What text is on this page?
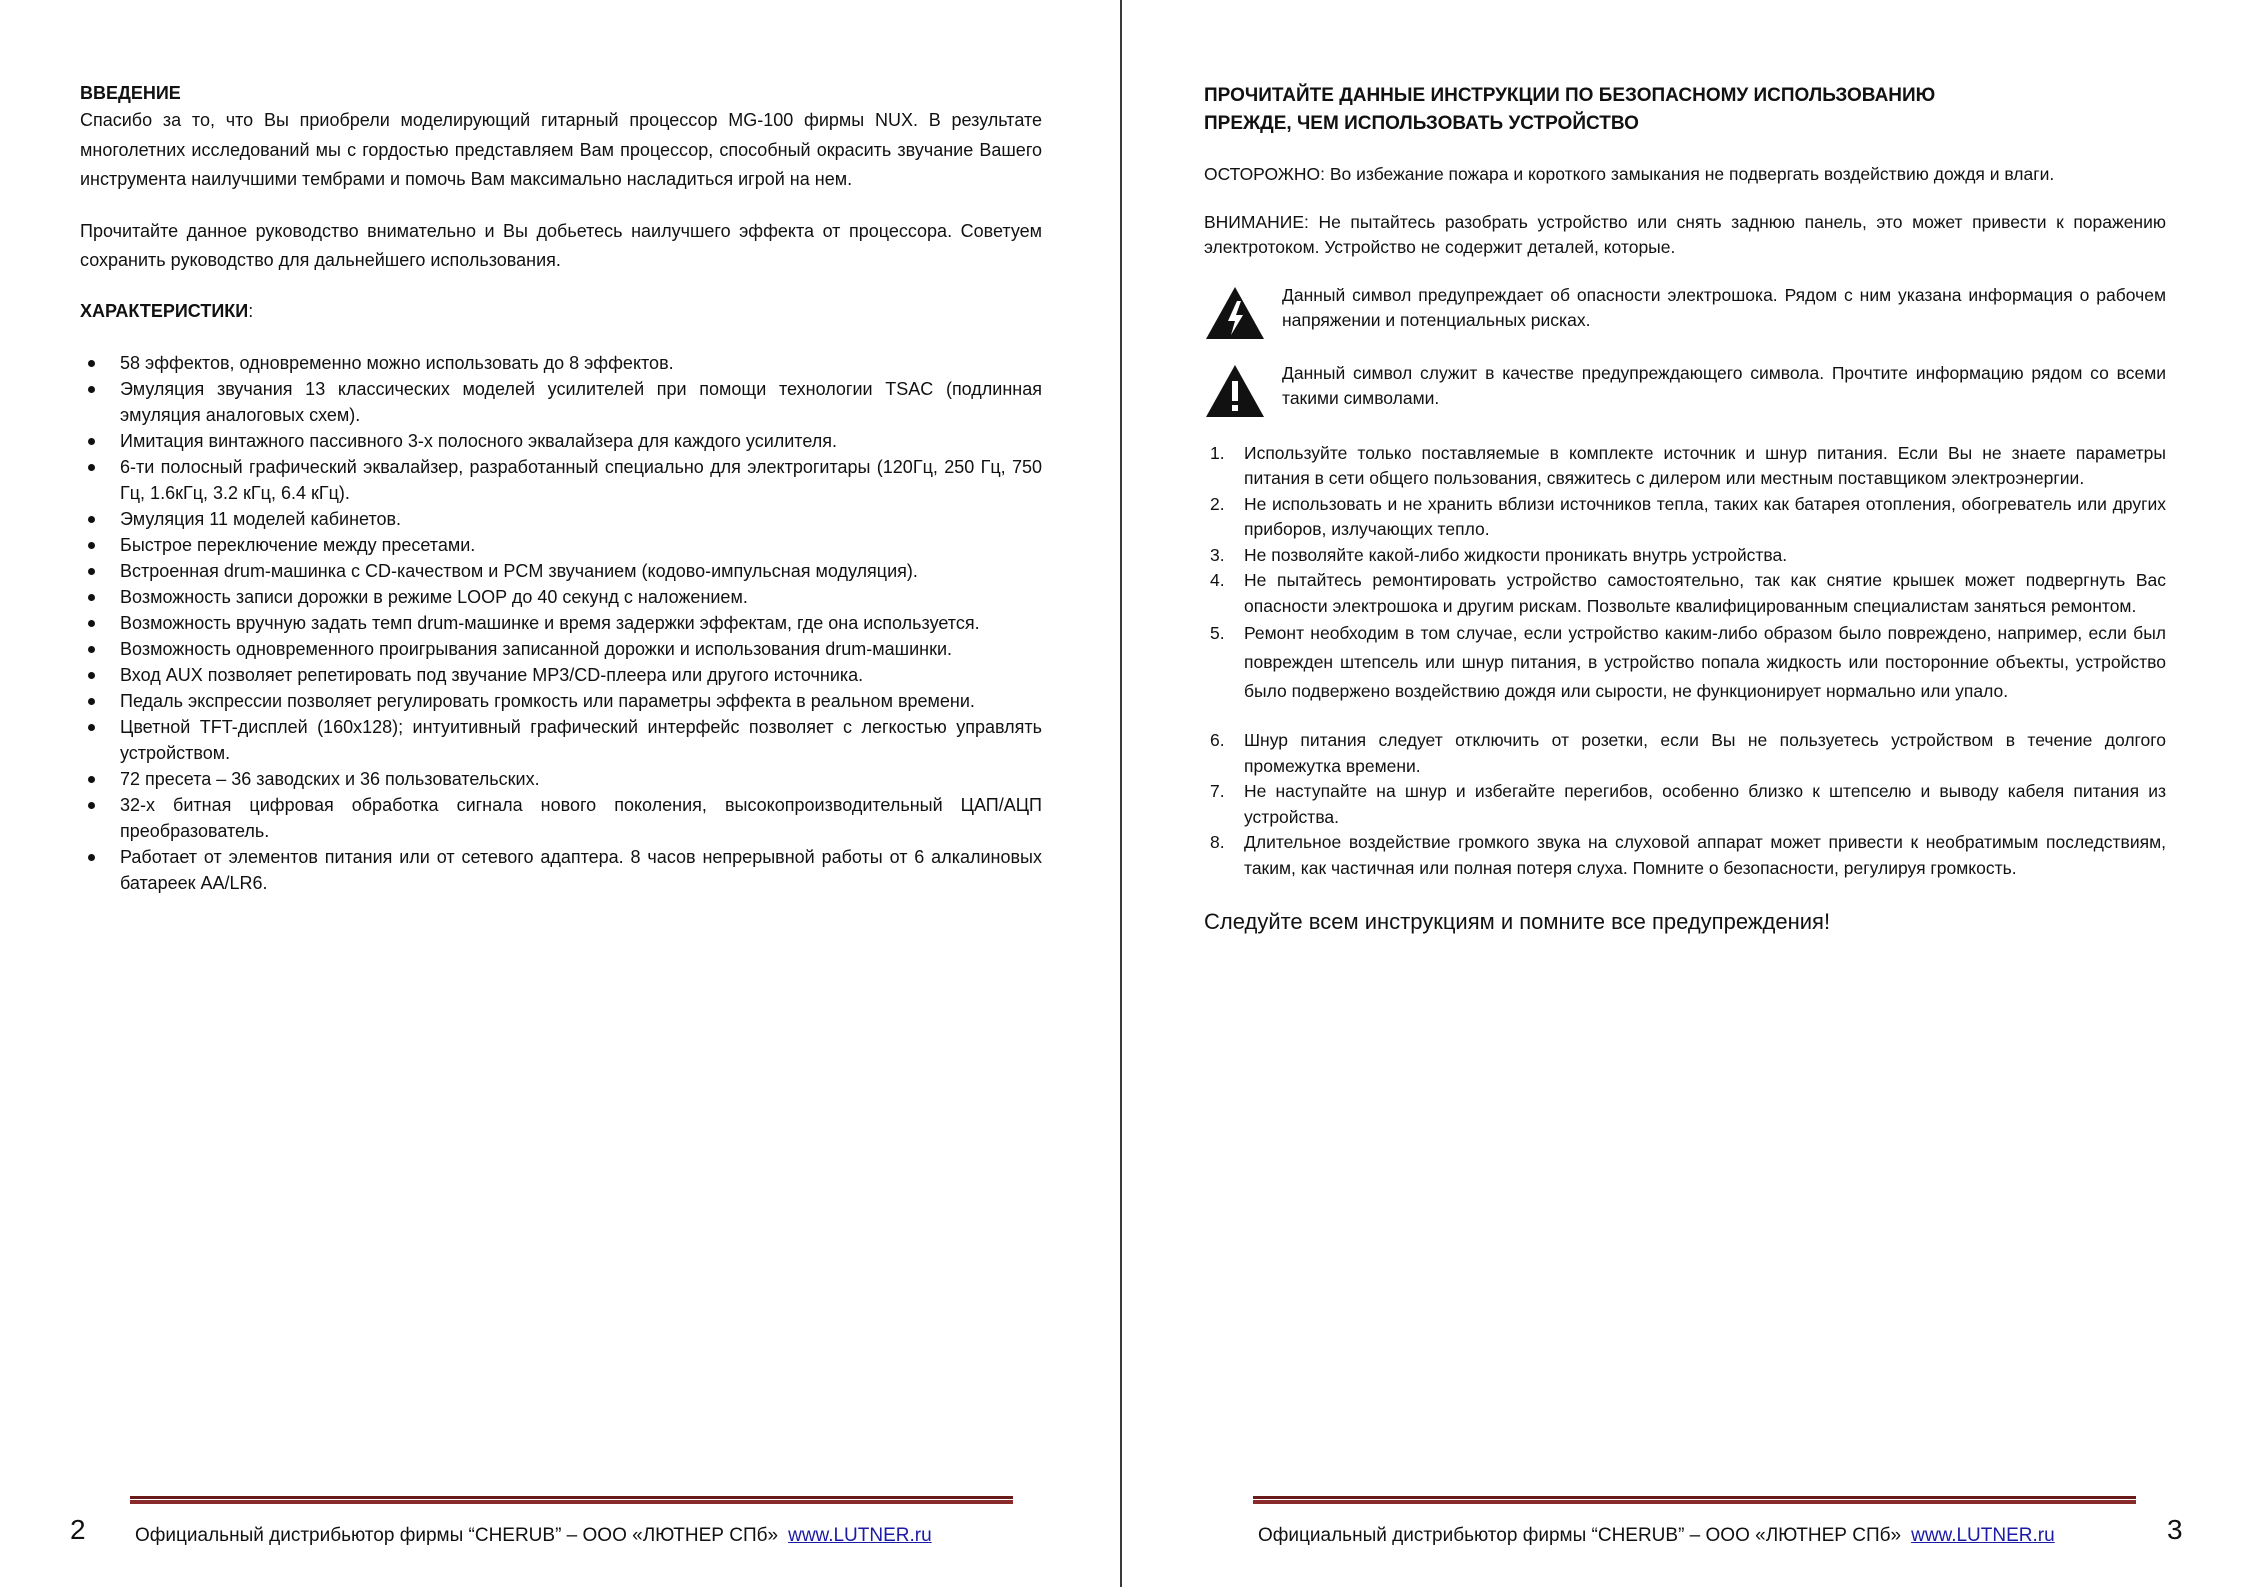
ВВЕДЕНИЕ

Спасибо за то, что Вы приобрели моделирующий гитарный процессор MG-100 фирмы NUX. В результате многолетних исследований мы с гордостью представляем Вам процессор, способный окрасить звучание Вашего инструмента наилучшими тембрами и помочь Вам максимально насладиться игрой на нем.

Прочитайте данное руководство внимательно и Вы добьетесь наилучшего эффекта от процессора. Советуем сохранить руководство для дальнейшего использования.

ХАРАКТЕРИСТИКИ:
58 эффектов, одновременно можно использовать до 8 эффектов.
Эмуляция звучания 13 классических моделей усилителей при помощи технологии TSAC (подлинная эмуляция аналоговых схем).
Имитация винтажного пассивного 3-х полосного эквалайзера для каждого усилителя.
6-ти полосный графический эквалайзер, разработанный специально для электрогитары (120Гц, 250 Гц, 750 Гц, 1.6кГц, 3.2 кГц, 6.4 кГц).
Эмуляция 11 моделей кабинетов.
Быстрое переключение между пресетами.
Встроенная drum-машинка с CD-качеством и PCM звучанием (кодово-импульсная модуляция).
Возможность записи дорожки в режиме LOOP до 40 секунд с наложением.
Возможность вручную задать темп drum-машинке и время задержки эффектам, где она используется.
Возможность одновременного проигрывания записанной дорожки и использования drum-машинки.
Вход AUX позволяет репетировать под звучание MP3/CD-плеера или другого источника.
Педаль экспрессии позволяет регулировать громкость или параметры эффекта в реальном времени.
Цветной TFT-дисплей (160x128); интуитивный графический интерфейс позволяет с легкостью управлять устройством.
72 пресета – 36 заводских и 36 пользовательских.
32-х битная цифровая обработка сигнала нового поколения, высокопроизводительный ЦАП/АЦП преобразователь.
Работает от элементов питания или от сетевого адаптера. 8 часов непрерывной работы от 6 алкалиновых батареек AA/LR6.
2	Официальный дистрибьютор фирмы “CHERUB” – ООО «ЛЮТНЕР СПб» www.LUTNER.ru
ПРОЧИТАЙТЕ ДАННЫЕ ИНСТРУКЦИИ ПО БЕЗОПАСНОМУ ИСПОЛЬЗОВАНИЮ
ПРЕЖДЕ, ЧЕМ ИСПОЛЬЗОВАТЬ УСТРОЙСТВО

ОСТОРОЖНО: Во избежание пожара и короткого замыкания не подвергать воздействию дождя и влаги.

ВНИМАНИЕ: Не пытайтесь разобрать устройство или снять заднюю панель, это может привести к поражению электротоком. Устройство не содержит деталей, которые.

Данный символ предупреждает об опасности электрошока. Рядом с ним указана информация о рабочем напряжении и потенциальных рисках.

Данный символ служит в качестве предупреждающего символа. Прочтите информацию рядом со всеми такими символами.

1. Используйте только поставляемые в комплекте источник и шнур питания. Если Вы не знаете параметры питания в сети общего пользования, свяжитесь с дилером или местным поставщиком электроэнергии.
2. Не использовать и не хранить вблизи источников тепла, таких как батарея отопления, обогреватель или других приборов, излучающих тепло.
3. Не позволяйте какой-либо жидкости проникать внутрь устройства.
4. Не пытайтесь ремонтировать устройство самостоятельно, так как снятие крышек может подвергнуть Вас опасности электрошока и другим рискам. Позвольте квалифицированным специалистам заняться ремонтом.
5. Ремонт необходим в том случае, если устройство каким-либо образом было повреждено, например, если был поврежден штепсель или шнур питания, в устройство попала жидкость или посторонние объекты, устройство было подвержено воздействию дождя или сырости, не функционирует нормально или упало.
6. Шнур питания следует отключить от розетки, если Вы не пользуетесь устройством в течение долгого промежутка времени.
7. Не наступайте на шнур и избегайте перегибов, особенно близко к штепселю и выводу кабеля питания из устройства.
8. Длительное воздействие громкого звука на слуховой аппарат может привести к необратимым последствиям, таким, как частичная или полная потеря слуха. Помните о безопасности, регулируя громкость.
Следуйте всем инструкциям и помните все предупреждения!
Официальный дистрибьютор фирмы “CHERUB” – ООО «ЛЮТНЕР СПб» www.LUTNER.ru	3
